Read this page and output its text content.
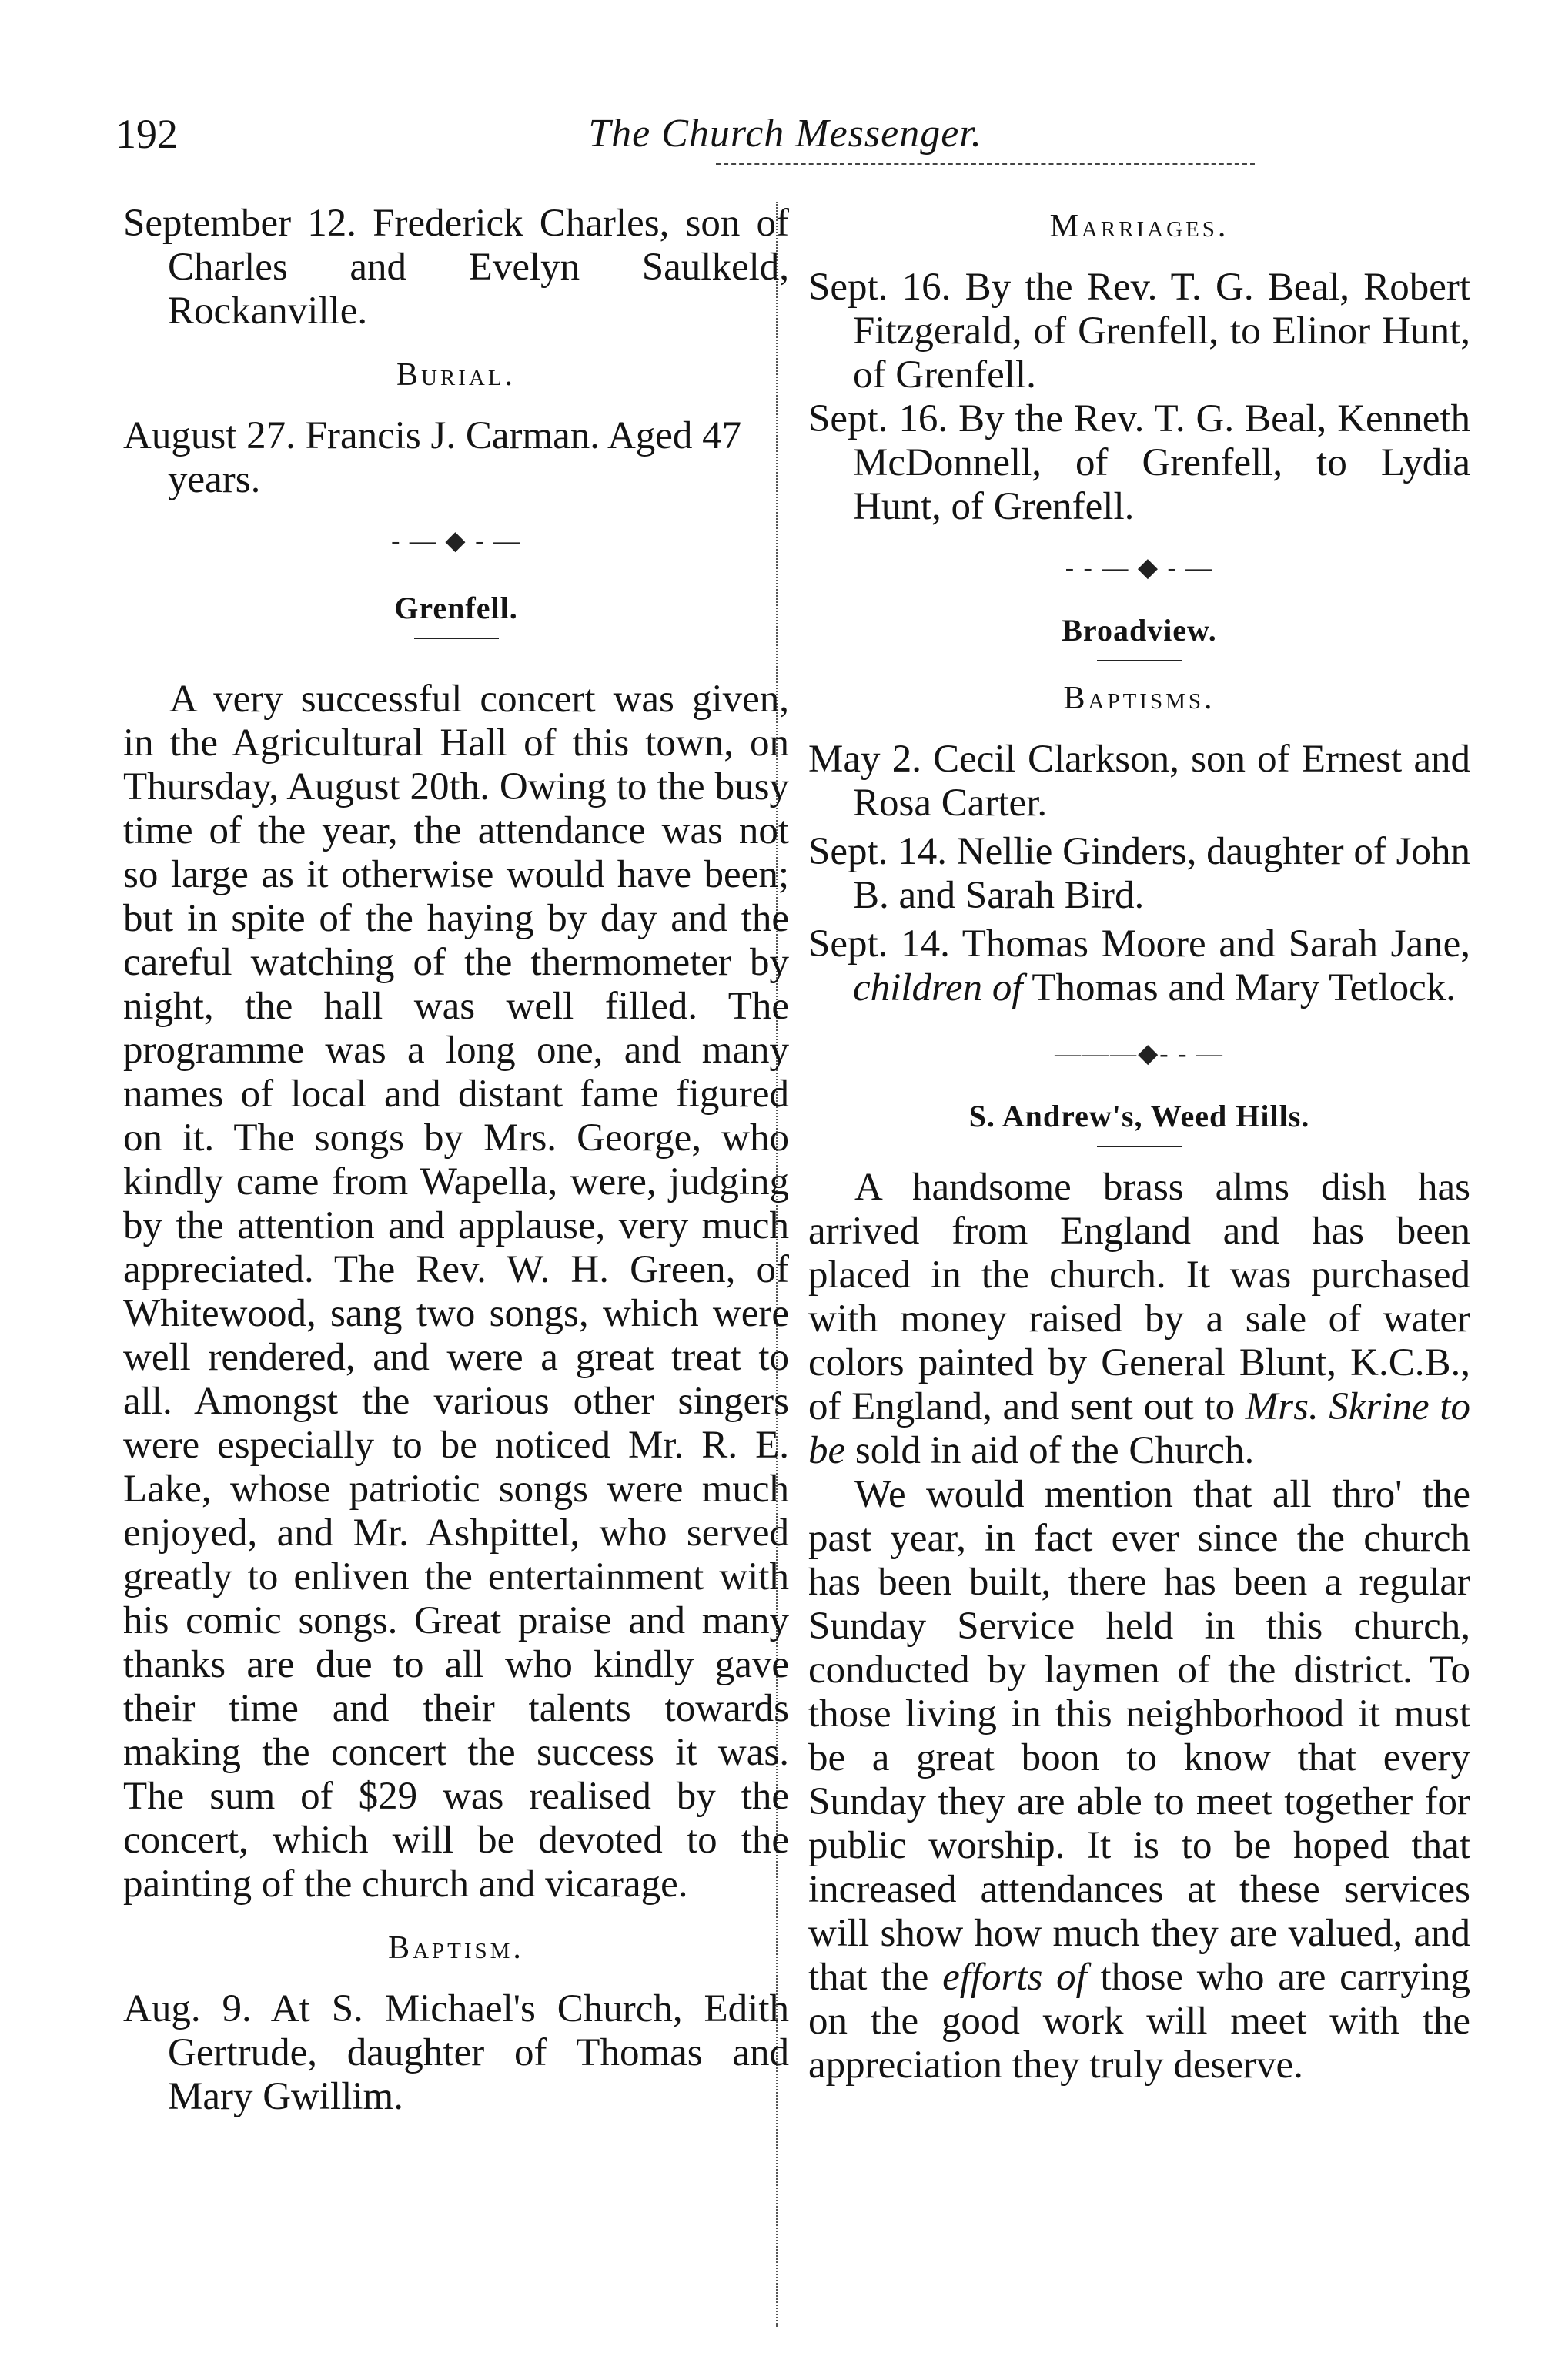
192	The Church Messenger.

September 12. Frederick Charles, son of Charles and Evelyn Saulkeld, Rockanville.

Burial.

August 27. Francis J. Carman. Aged 47 years.

- — ◆ - —
Grenfell.

A very successful concert was given, in the Agricultural Hall of this town, on Thursday, August 20th. Owing to the busy time of the year, the attendance was not so large as it otherwise would have been; but in spite of the haying by day and the careful watching of the thermometer by night, the hall was well filled. The programme was a long one, and many names of local and distant fame figured on it. The songs by Mrs. George, who kindly came from Wapella, were, judging by the attention and applause, very much appreciated. The Rev. W. H. Green, of Whitewood, sang two songs, which were well rendered, and were a great treat to all. Amongst the various other singers were especially to be noticed Mr. R. E. Lake, whose patriotic songs were much enjoyed, and Mr. Ashpittel, who served greatly to enliven the entertainment with his comic songs. Great praise and many thanks are due to all who kindly gave their time and their talents towards making the concert the success it was. The sum of $29 was realised by the concert, which will be devoted to the painting of the church and vicarage.

Baptism.

Aug. 9. At S. Michael's Church, Edith Gertrude, daughter of Thomas and Mary Gwillim.

Marriages.

Sept. 16. By the Rev. T. G. Beal, Robert Fitzgerald, of Grenfell, to Elinor Hunt, of Grenfell.

Sept. 16. By the Rev. T. G. Beal, Kenneth McDonnell, of Grenfell, to Lydia Hunt, of Grenfell.

- - — ◆ - —
Broadview.
Baptisms.

May 2. Cecil Clarkson, son of Ernest and Rosa Carter.

Sept. 14. Nellie Ginders, daughter of John B. and Sarah Bird.

Sept. 14. Thomas Moore and Sarah Jane, children of Thomas and Mary Tetlock.

———◆- - —
S. Andrew's, Weed Hills.

A handsome brass alms dish has arrived from England and has been placed in the church. It was purchased with money raised by a sale of water colors painted by General Blunt, K.C.B., of England, and sent out to Mrs. Skrine to be sold in aid of the Church.

We would mention that all thro' the past year, in fact ever since the church has been built, there has been a regular Sunday Service held in this church, conducted by laymen of the district. To those living in this neighborhood it must be a great boon to know that every Sunday they are able to meet together for public worship. It is to be hoped that increased attendances at these services will show how much they are valued, and that the efforts of those who are carrying on the good work will meet with the appreciation they truly deserve.
